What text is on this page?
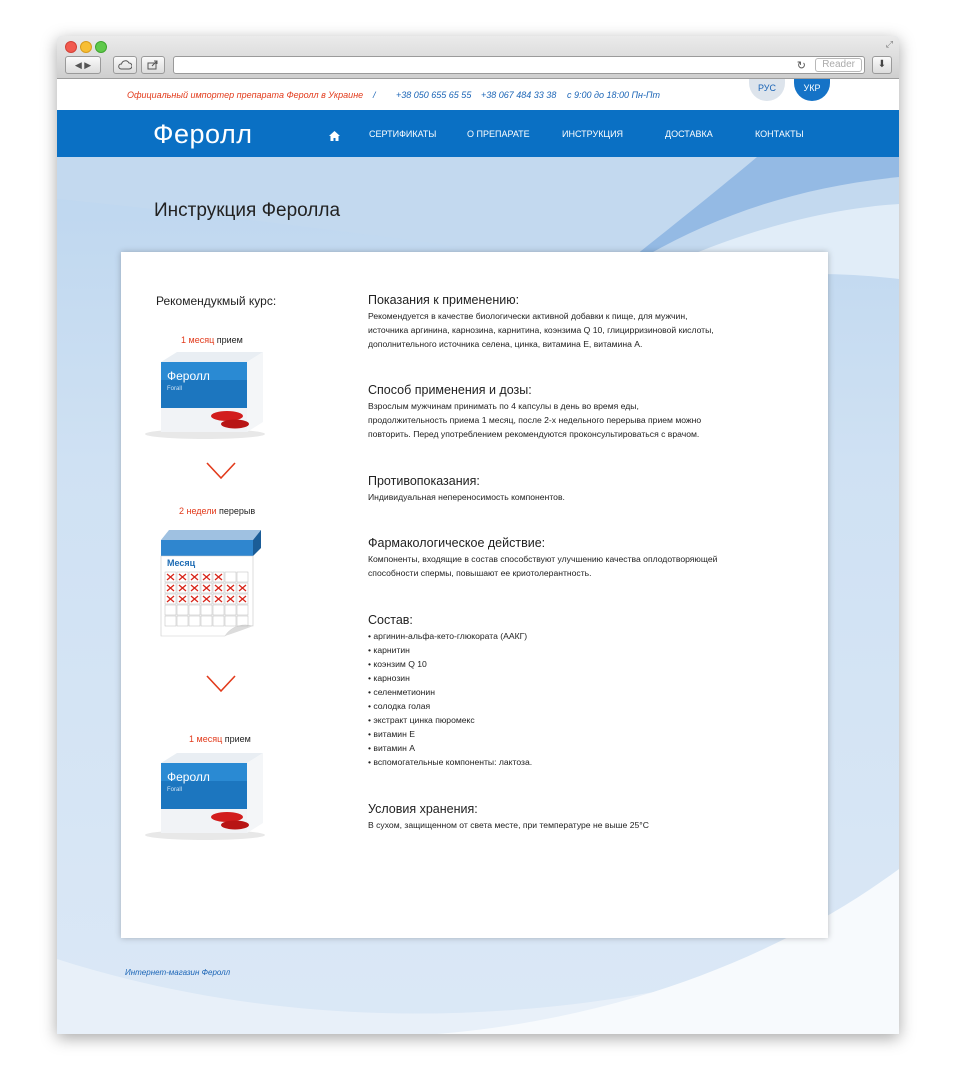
⤢
◀ ▶	↻	Reader	⬇
Официальный импортер препарата Феролл в Украине / +38 050 655 65 55 +38 067 484 33 38 с 9:00 до 18:00 Пн-Пт
РУС	УКР
Феролл	СЕРТИФИКАТЫ	О ПРЕПАРАТЕ	ИНСТРУКЦИЯ	ДОСТАВКА	КОНТАКТЫ
Инструкция Феролла
Рекомендукмый курс:
1 месяц прием
Феролл
Forall
2 недели перерыв
Месяц
1 месяц прием
Феролл
Forall
Показания к применению:
Рекомендуется в качестве биологически активной добавки к пище, для мужчин,
источника аргинина, карнозина, карнитина, коэнзима Q 10, глицирризиновой кислоты,
дополнительного источника селена, цинка, витамина Е, витамина А.
Способ применения и дозы:
Взрослым мужчинам принимать по 4 капсулы в день во время еды,
продолжительность приема 1 месяц, после 2-х недельного перерыва прием можно
повторить. Перед употреблением рекомендуются проконсультироваться с врачом.
Противопоказания:
Индивидуальная непереносимость компонентов.
Фармакологическое действие:
Компоненты, входящие в состав способствуют улучшению качества оплодотворяющей
способности спермы, повышают ее криотолерантность.
Состав:
• аргинин-альфа-кето-глюкората (ААКГ)
• карнитин
• коэнзим Q 10
• карнозин
• селенметионин
• солодка голая
• экстракт цинка пюромекс
• витамин Е
• витамин А
• вспомогательные компоненты: лактоза.
Условия хранения:
В сухом, защищенном от света месте, при температуре не выше 25°C
Интернет-магазин Феролл
